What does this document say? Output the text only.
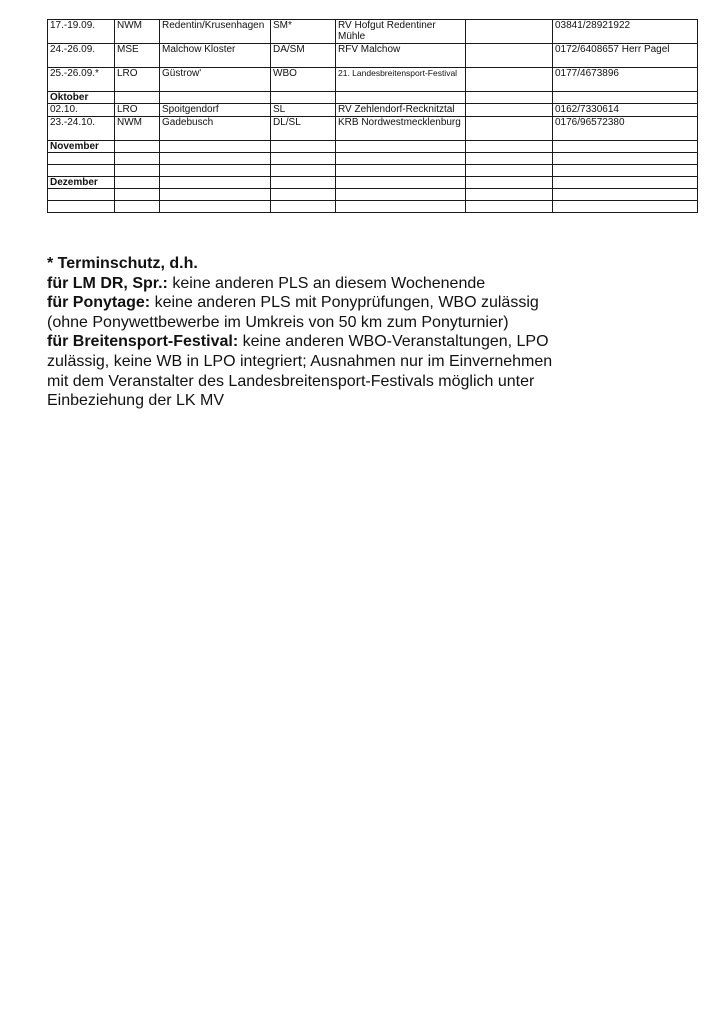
17.-19.09.	NWM	Redentin/Krusenhagen	SM*	RV Hofgut Redentiner Mühle		03841/28921922
24.-26.09.	MSE	Malchow Kloster	DA/SM	RFV Malchow		0172/6408657 Herr Pagel
25.-26.09.*	LRO	Güstrow'	WBO	21. Landesbreitensport-Festival		0177/4673896
Oktober						
02.10.	LRO	Spoitgendorf	SL	RV Zehlendorf-Recknitztal		0162/7330614
23.-24.10.	NWM	Gadebusch	DL/SL	KRB Nordwestmecklenburg		0176/96572380
November						

Dezember						

* Terminschutz, d.h.
für LM DR, Spr.: keine anderen PLS an diesem Wochenende
für Ponytage: keine anderen PLS mit Ponyprüfungen, WBO zulässig
(ohne Ponywettbewerbe im Umkreis von 50 km zum Ponyturnier)
für Breitensport-Festival: keine anderen WBO-Veranstaltungen, LPO
zulässig, keine WB in LPO integriert; Ausnahmen nur im Einvernehmen
mit dem Veranstalter des Landesbreitensport-Festivals möglich unter
Einbeziehung der LK MV
